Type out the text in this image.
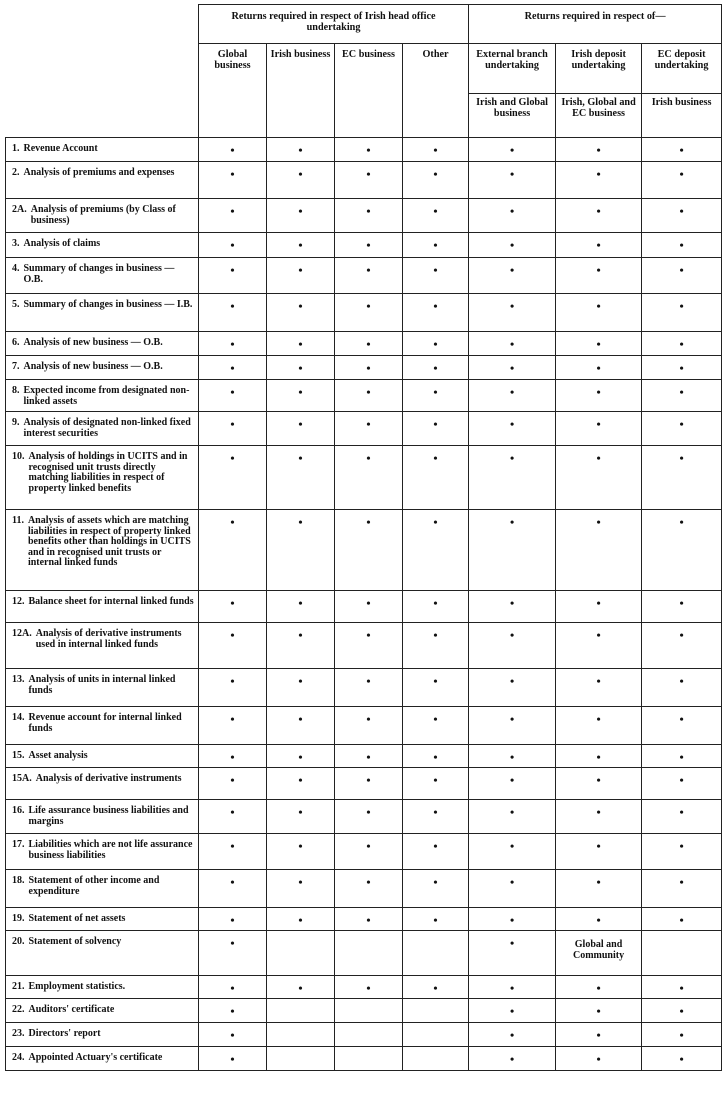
	Returns required in respect of Irish head office undertaking				Returns required in respect of—		
	Global business	Irish business	EC business	Other	External branch undertaking	Irish deposit undertaking	EC deposit undertaking
					Irish and Global business	Irish, Global and EC business	Irish business

1. Revenue Account	•	•	•	•	•	•	•

2. Analysis of premiums and expenses	•	•	•	•	•	•	•

2A. Analysis of premiums (by Class of business)	•	•	•	•	•	•	•

3. Analysis of claims	•	•	•	•	•	•	•

4. Summary of changes in business — O.B.	•	•	•	•	•	•	•

5. Summary of changes in business — I.B.	•	•	•	•	•	•	•

6. Analysis of new business — O.B.	•	•	•	•	•	•	•

7. Analysis of new business — O.B.	•	•	•	•	•	•	•

8. Expected income from designated non-linked assets	•	•	•	•	•	•	•

9. Analysis of designated non-linked fixed interest securities	•	•	•	•	•	•	•

10. Analysis of holdings in UCITS and in recognised unit trusts directly matching liabilities in respect of property linked benefits	•	•	•	•	•	•	•

11. Analysis of assets which are matching liabilities in respect of property linked benefits other than holdings in UCITS and in recognised unit trusts or internal linked funds	•	•	•	•	•	•	•

12. Balance sheet for internal linked funds	•	•	•	•	•	•	•

12A. Analysis of derivative instruments used in internal linked funds	•	•	•	•	•	•	•

13. Analysis of units in internal linked funds	•	•	•	•	•	•	•

14. Revenue account for internal linked funds	•	•	•	•	•	•	•

15. Asset analysis	•	•	•	•	•	•	•

15A. Analysis of derivative instruments	•	•	•	•	•	•	•

16. Life assurance business liabilities and margins	•	•	•	•	•	•	•

17. Liabilities which are not life assurance business liabilities	•	•	•	•	•	•	•

18. Statement of other income and expenditure	•	•	•	•	•	•	•

19. Statement of net assets	•	•	•	•	•	•	•

20. Statement of solvency	•				•	Global and Community	

21. Employment statistics.	•	•	•	•	•	•	•

22. Auditors' certificate	•				•	•	•

23. Directors' report	•				•	•	•

24. Appointed Actuary's certificate	•				•	•	•
